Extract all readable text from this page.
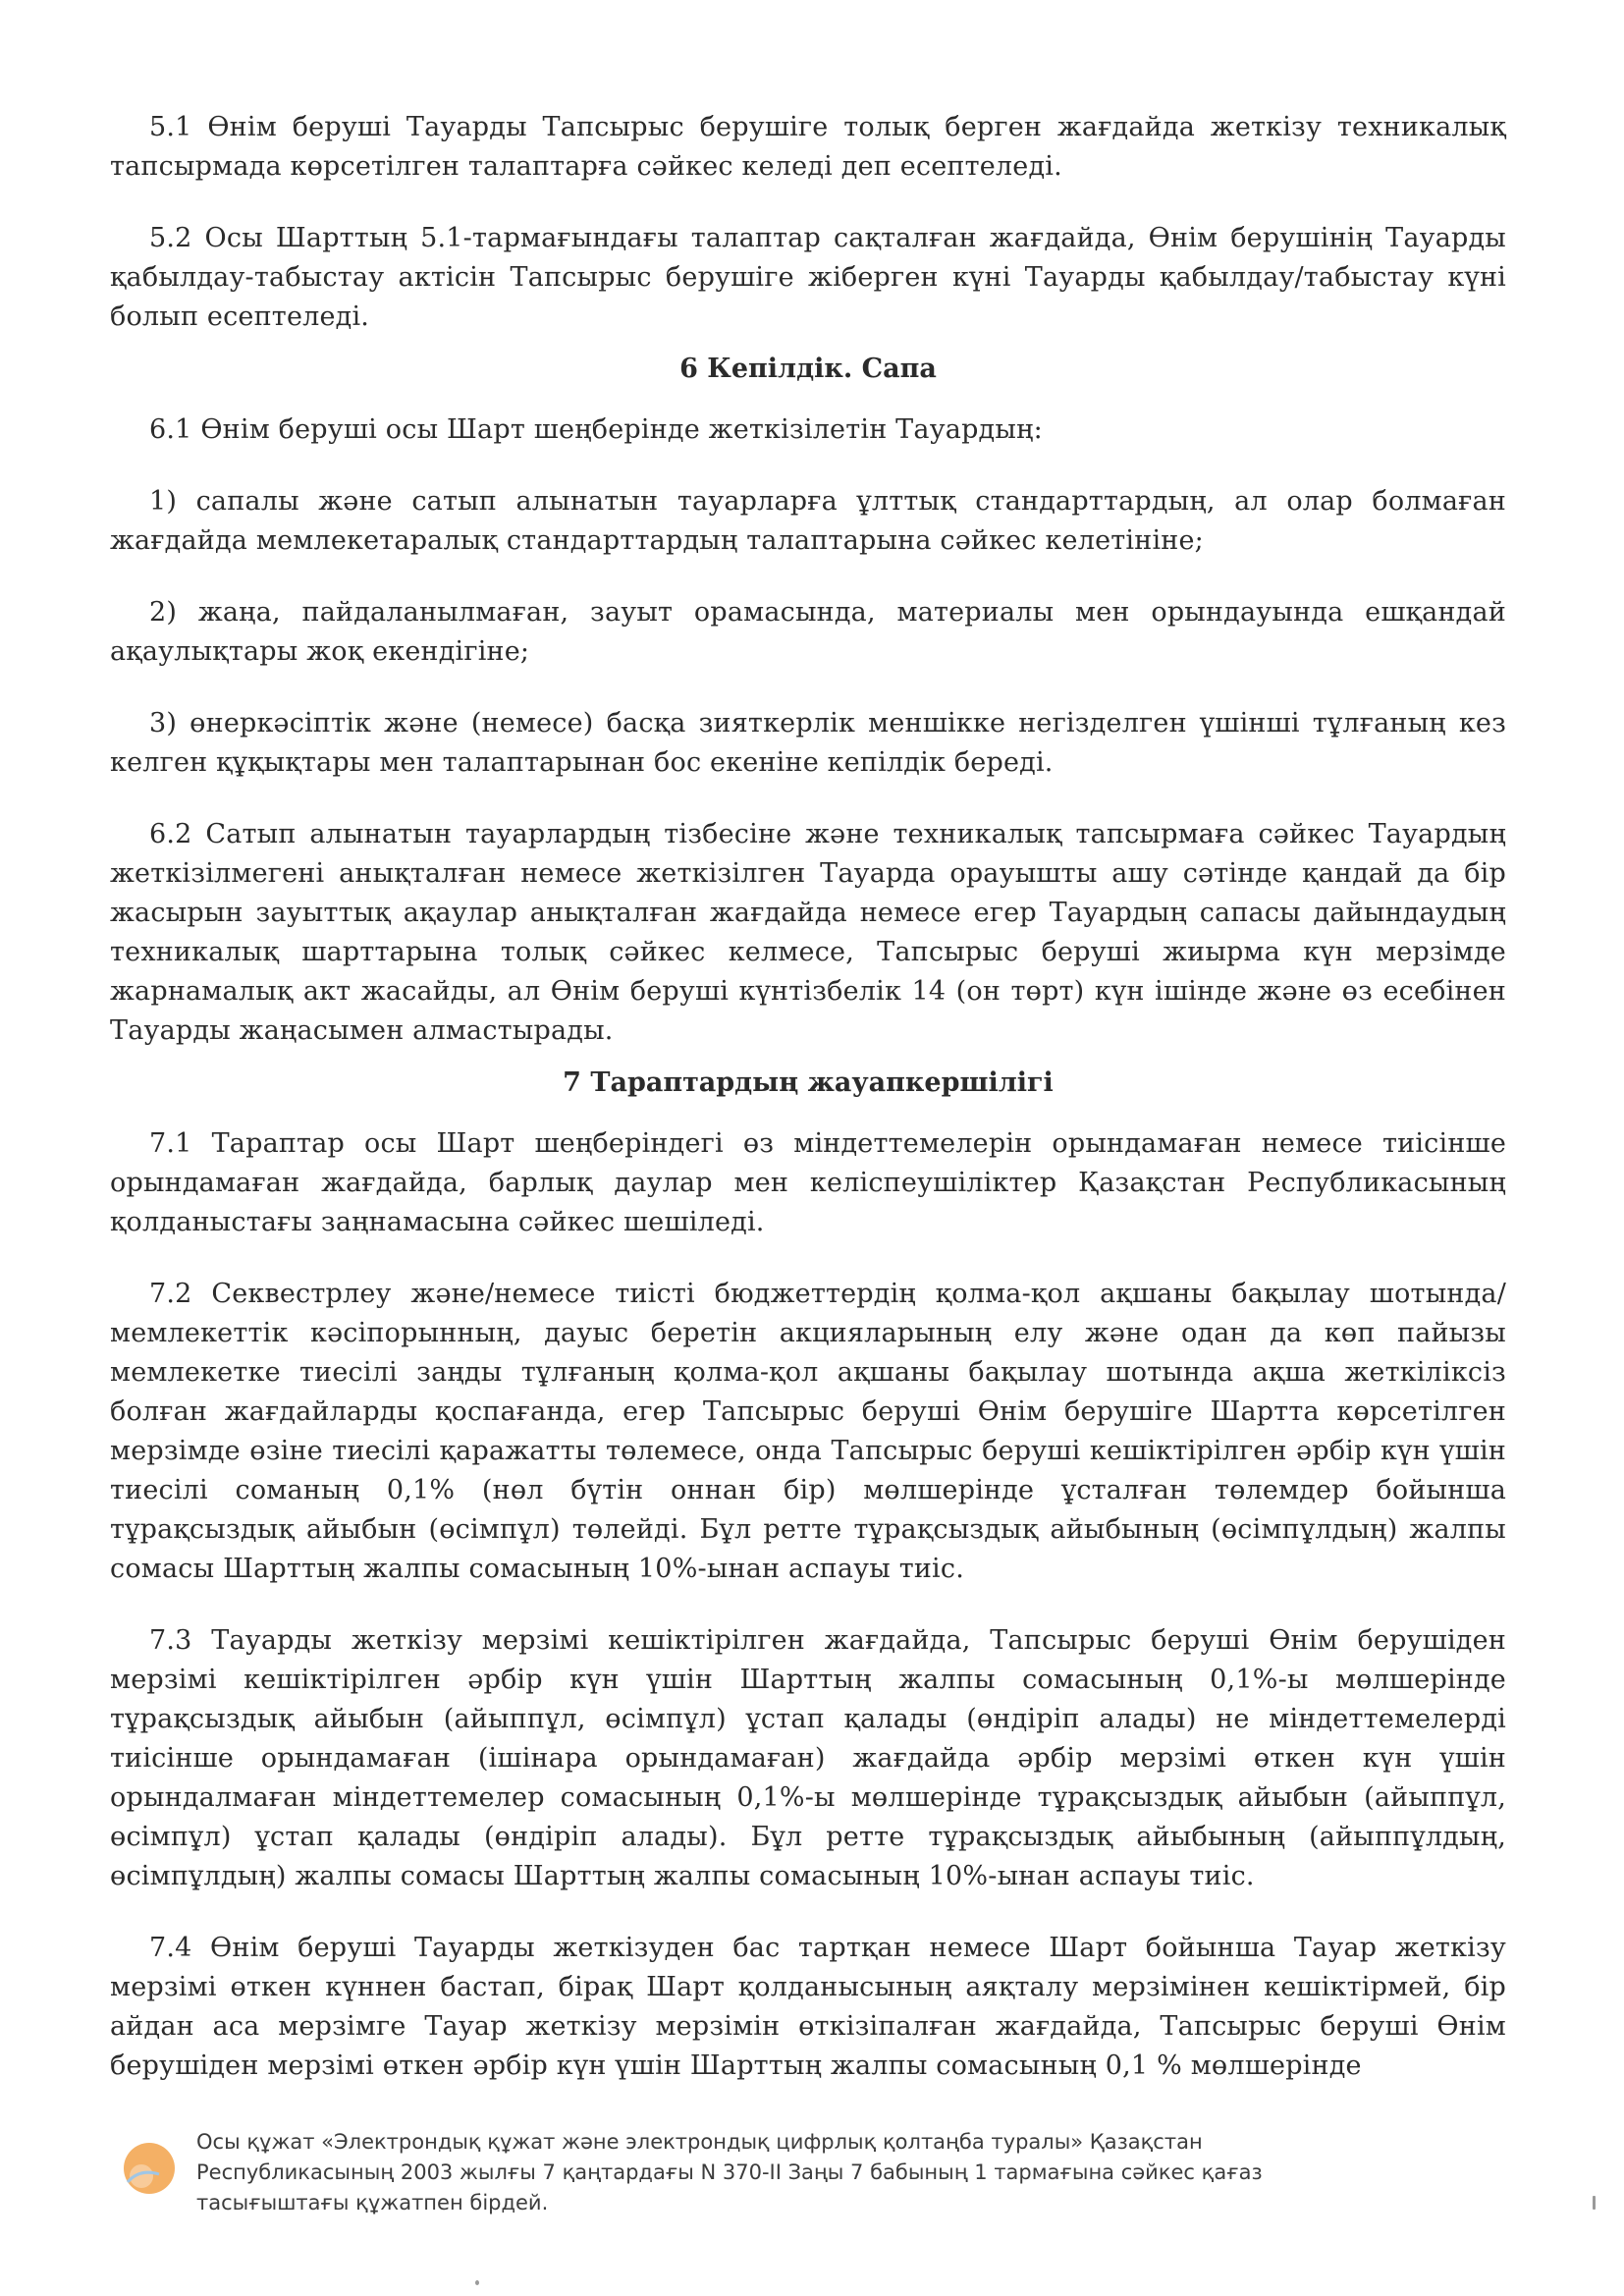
5.1 Өнім беруші Тауарды Тапсырыс берушіге толық берген жағдайда жеткізу техникалық тапсырмада көрсетілген талаптарға сәйкес келеді деп есептеледі.

5.2 Осы Шарттың 5.1-тармағындағы талаптар сақталған жағдайда, Өнім берушінің Тауарды қабылдау-табыстау актісін Тапсырыс берушіге жіберген күні Тауарды қабылдау/табыстау күні болып есептеледі.

6 Кепілдік. Сапа

6.1 Өнім беруші осы Шарт шеңберінде жеткізілетін Тауардың:

1) сапалы және сатып алынатын тауарларға ұлттық стандарттардың, ал олар болмаған жағдайда мемлекетаралық стандарттардың талаптарына сәйкес келетініне;

2) жаңа, пайдаланылмаған, зауыт орамасында, материалы мен орындауында ешқандай ақаулықтары жоқ екендігіне;

3) өнеркәсіптік және (немесе) басқа зияткерлік меншікке негізделген үшінші тұлғаның кез келген құқықтары мен талаптарынан бос екеніне кепілдік береді.

6.2 Сатып алынатын тауарлардың тізбесіне және техникалық тапсырмаға сәйкес Тауардың жеткізілмегені анықталған немесе жеткізілген Тауарда орауышты ашу сәтінде қандай да бір жасырын зауыттық ақаулар анықталған жағдайда немесе егер Тауардың сапасы дайындаудың техникалық шарттарына толық сәйкес келмесе, Тапсырыс беруші жиырма күн мерзімде жарнамалық акт жасайды, ал Өнім беруші күнтізбелік 14 (он төрт) күн ішінде және өз есебінен Тауарды жаңасымен алмастырады.

7 Тараптардың жауапкершілігі

7.1 Тараптар осы Шарт шеңберіндегі өз міндеттемелерін орындамаған немесе тиісінше орындамаған жағдайда, барлық даулар мен келіспеушіліктер Қазақстан Республикасының қолданыстағы заңнамасына сәйкес шешіледі.

7.2 Секвестрлеу және/немесе тиісті бюджеттердің қолма-қол ақшаны бақылау шотында/мемлекеттік кәсіпорынның, дауыс беретін акцияларының елу және одан да көп пайызы мемлекетке тиесілі заңды тұлғаның қолма-қол ақшаны бақылау шотында ақша жеткіліксіз болған жағдайларды қоспағанда, егер Тапсырыс беруші Өнім берушіге Шартта көрсетілген мерзімде өзіне тиесілі қаражатты төлемесе, онда Тапсырыс беруші кешіктірілген әрбір күн үшін тиесілі соманың 0,1% (нөл бүтін оннан бір) мөлшерінде ұсталған төлемдер бойынша тұрақсыздық айыбын (өсімпұл) төлейді. Бұл ретте тұрақсыздық айыбының (өсімпұлдың) жалпы сомасы Шарттың жалпы сомасының 10%-ынан аспауы тиіс.

7.3 Тауарды жеткізу мерзімі кешіктірілген жағдайда, Тапсырыс беруші Өнім берушіден мерзімі кешіктірілген әрбір күн үшін Шарттың жалпы сомасының 0,1%-ы мөлшерінде тұрақсыздық айыбын (айыппұл, өсімпұл) ұстап қалады (өндіріп алады) не міндеттемелерді тиісінше орындамаған (ішінара орындамаған) жағдайда әрбір мерзімі өткен күн үшін орындалмаған міндеттемелер сомасының 0,1%-ы мөлшерінде тұрақсыздық айыбын (айыппұл, өсімпұл) ұстап қалады (өндіріп алады). Бұл ретте тұрақсыздық айыбының (айыппұлдың, өсімпұлдың) жалпы сомасы Шарттың жалпы сомасының 10%-ынан аспауы тиіс.

7.4 Өнім беруші Тауарды жеткізуден бас тартқан немесе Шарт бойынша Тауар жеткізу мерзімі өткен күннен бастап, бірақ Шарт қолданысының аяқталу мерзімінен кешіктірмей, бір айдан аса мерзімге Тауар жеткізу мерзімін өткізіпалған жағдайда, Тапсырыс беруші Өнім берушіден мерзімі өткен әрбір күн үшін Шарттың жалпы сомасының 0,1 % мөлшерінде

Осы құжат «Электрондық құжат және электрондық цифрлық қолтаңба туралы» Қазақстан
Республикасының 2003 жылғы 7 қаңтардағы N 370-II Заңы 7 бабының 1 тармағына сәйкес қағаз
тасығыштағы құжатпен бірдей.
